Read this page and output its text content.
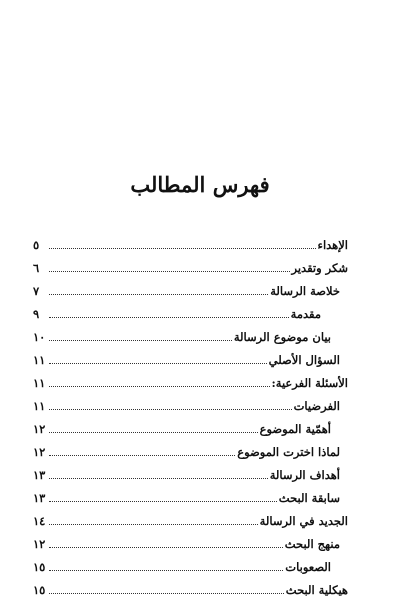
فهرس المطالب
الإهداء
٥
شكر وتقدير
٦
خلاصة الرسالة
٧
مقدمة
٩
بيان موضوع الرسالة
١٠
السؤال الأصلي
١١
الأسئلة الفرعية:
١١
الفرضيات
١١
أهمّية الموضوع
١٢
لماذا اخترت الموضوع
١٢
أهداف الرسالة
١٣
سابقة البحث
١٣
الجديد في الرسالة
١٤
منهج البحث
١٢
الصعوبات
١٥
هيكلية البحث
١٥
